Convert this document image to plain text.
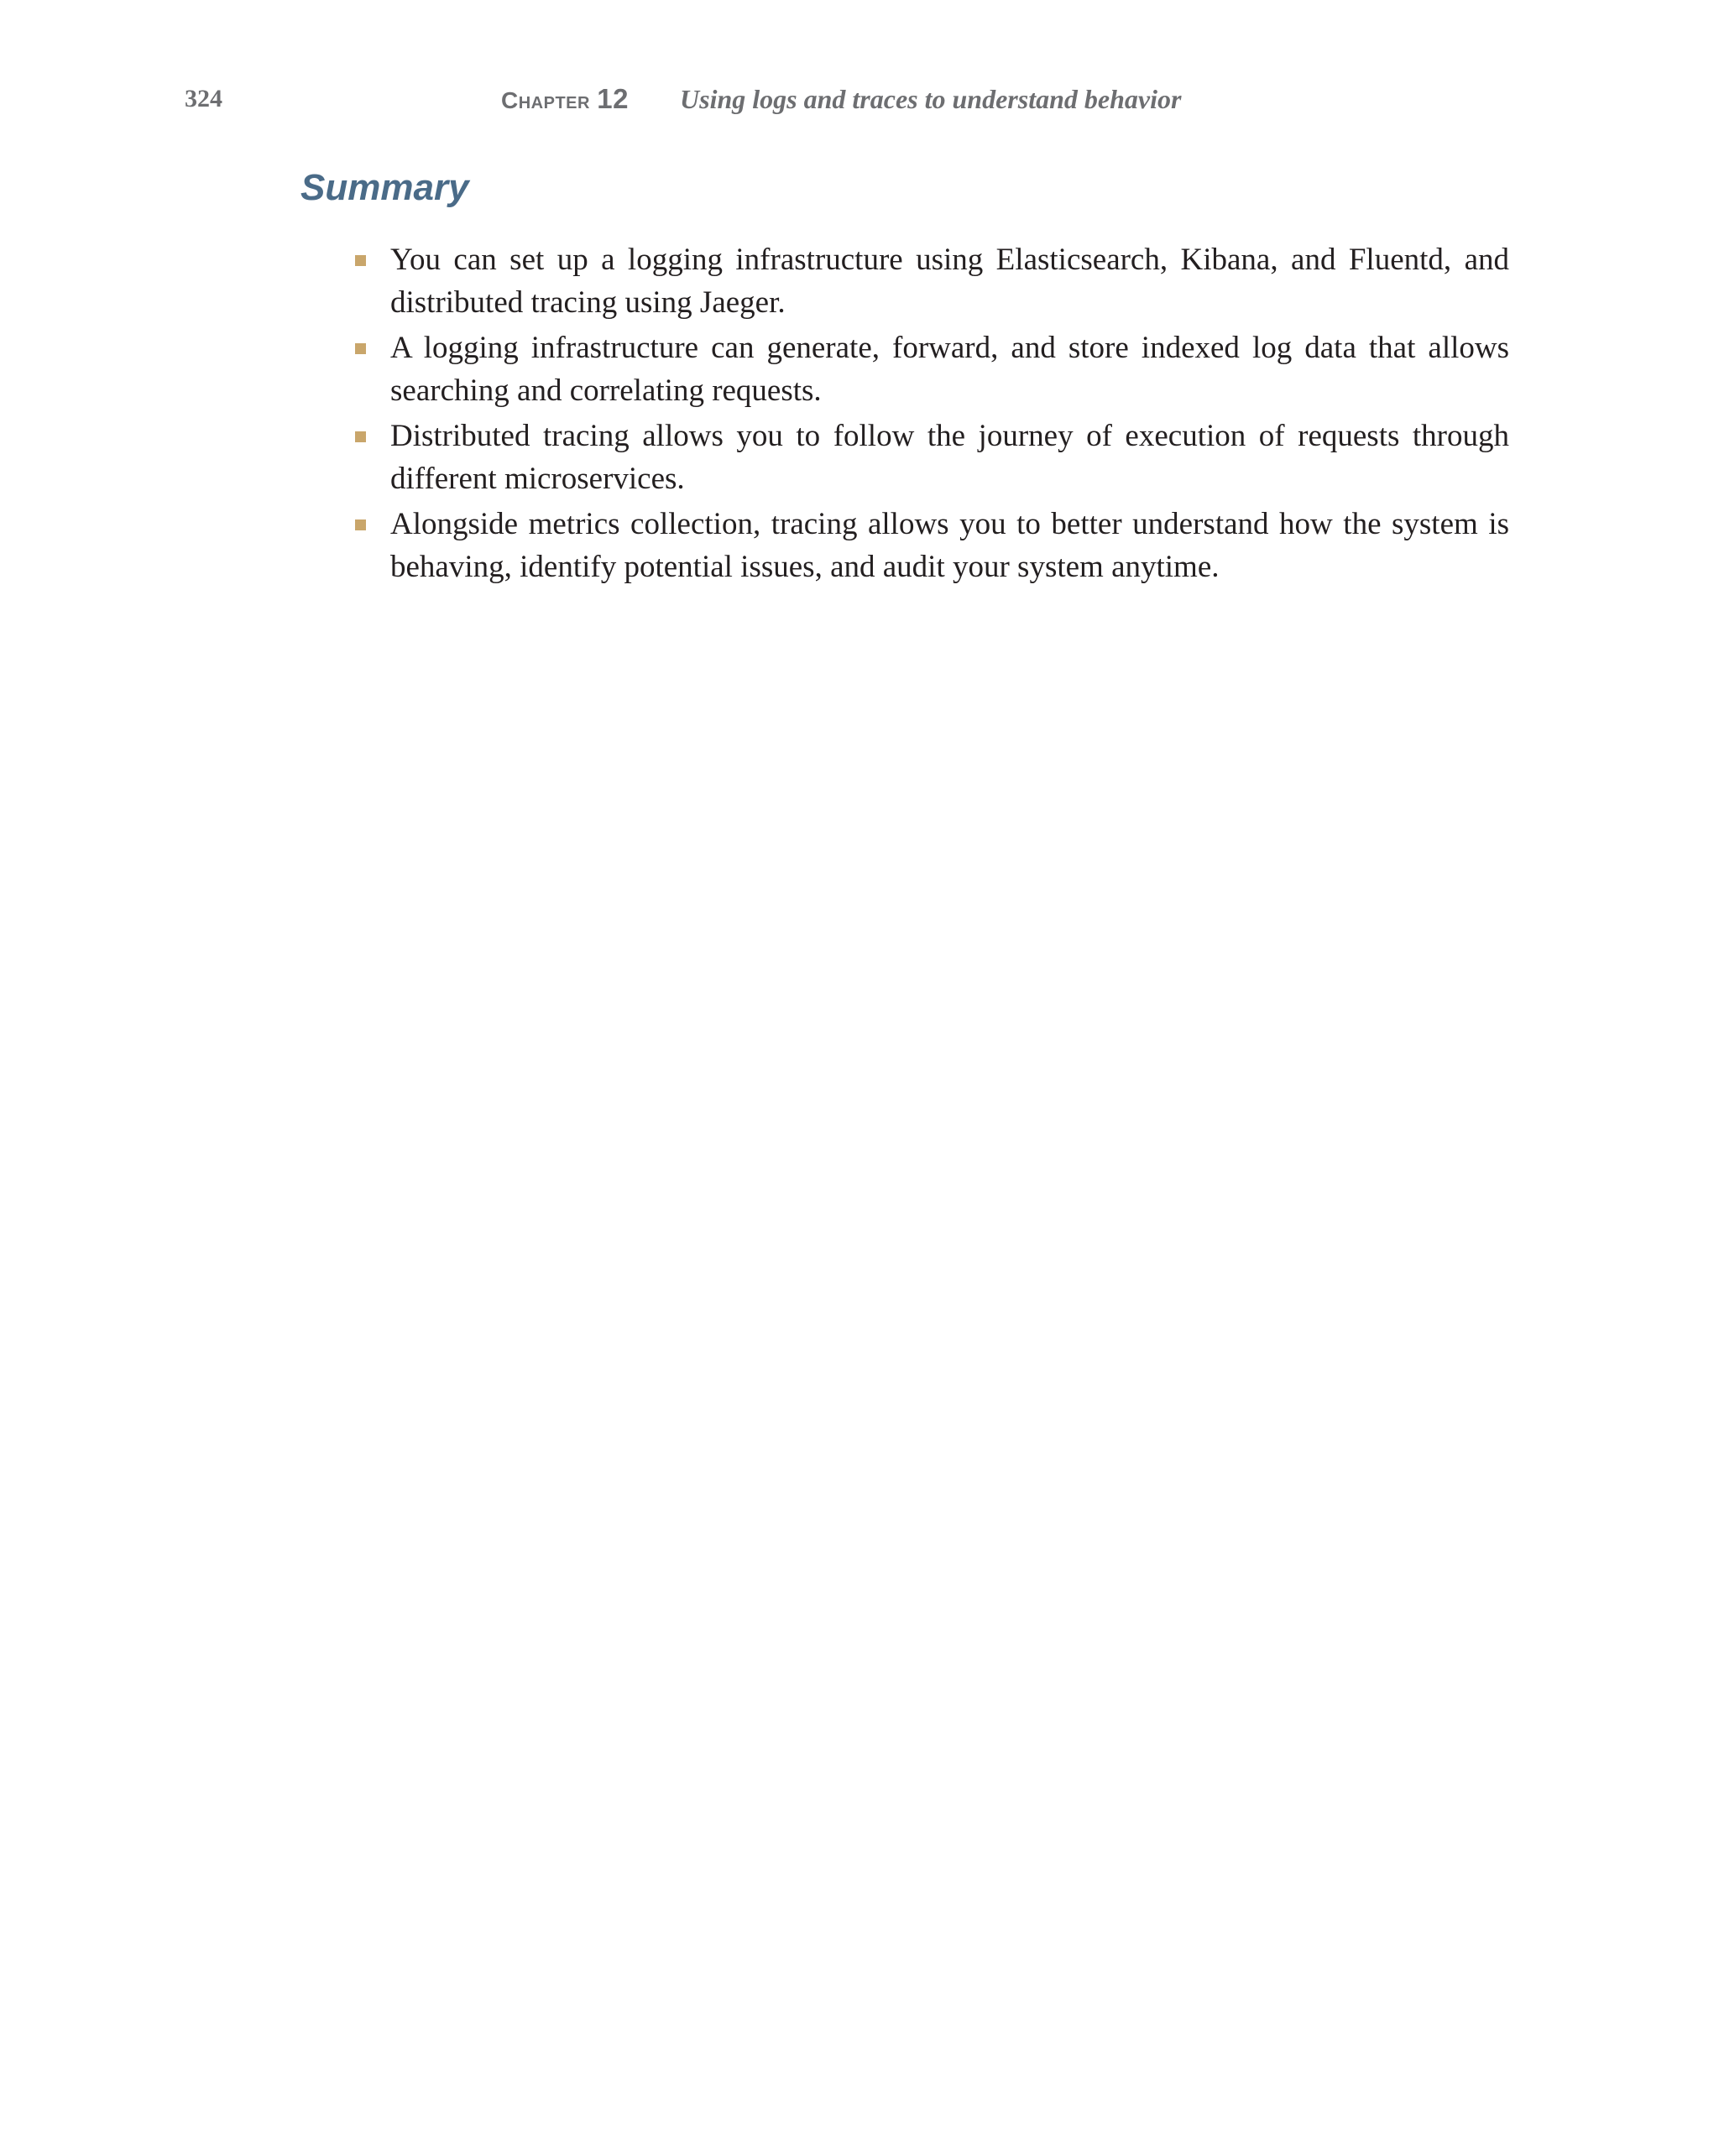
324	Chapter 12 Using logs and traces to understand behavior
Summary
You can set up a logging infrastructure using Elasticsearch, Kibana, and Fluentd, and distributed tracing using Jaeger.
A logging infrastructure can generate, forward, and store indexed log data that allows searching and correlating requests.
Distributed tracing allows you to follow the journey of execution of requests through different microservices.
Alongside metrics collection, tracing allows you to better understand how the system is behaving, identify potential issues, and audit your system anytime.
